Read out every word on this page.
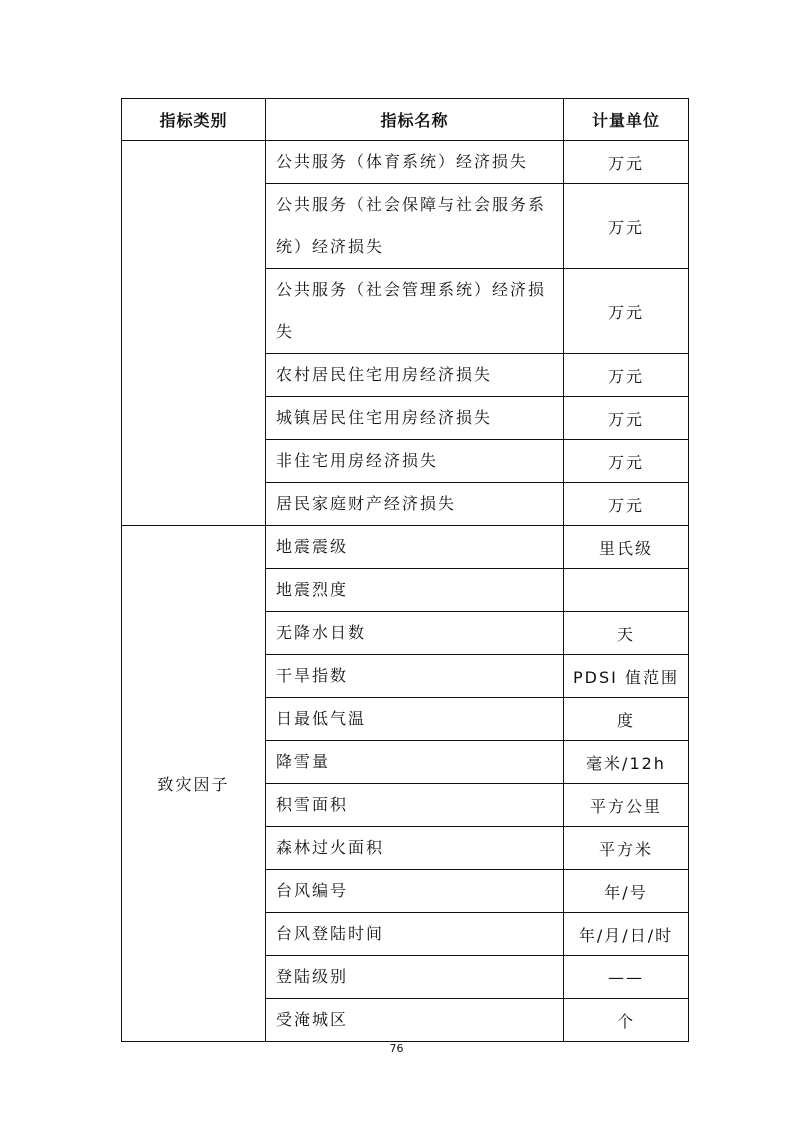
指标类别	指标名称	计量单位
	公共服务（体育系统）经济损失	万元
	公共服务（社会保障与社会服务系统）经济损失	万元
	公共服务（社会管理系统）经济损失	万元
	农村居民住宅用房经济损失	万元
	城镇居民住宅用房经济损失	万元
	非住宅用房经济损失	万元
	居民家庭财产经济损失	万元
致灾因子	地震震级	里氏级
	地震烈度	
	无降水日数	天
	干旱指数	PDSI 值范围
	日最低气温	度
	降雪量	毫米/12h
	积雪面积	平方公里
	森林过火面积	平方米
	台风编号	年/号
	台风登陆时间	年/月/日/时
	登陆级别	——
	受淹城区	个
76
